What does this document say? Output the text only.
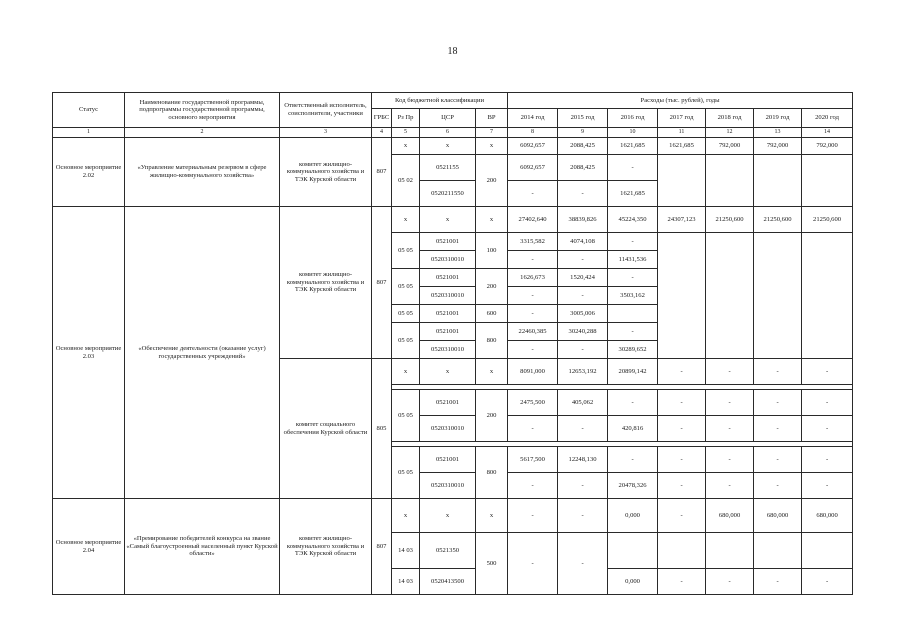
18
Статус	Наименование государственной программы, подпрограммы государственной программы, основного мероприятия	Ответственный исполнитель, соисполнители, участники	Код бюджетной классификации				Расходы (тыс. рублей), годы						
			ГРБС	Рз Пр	ЦСР	ВР	2014 год	2015 год	2016 год	2017 год	2018 год	2019 год	2020 год
1	2	3	4	5	6	7	8	9	10	11	12	13	14
Основное мероприятие 2.02	«Управление материальным резервом в сфере жилищно-коммунального хозяйства»	комитет жилищно-коммунального хозяйства и ТЭК Курской области	807	х	х	х	6092,657	2088,425	1621,685	1621,685	792,000	792,000	792,000
				05 02	0521155	200	6092,657	2088,425	-				
					0520211550		-	-	1621,685				
Основное мероприятие 2.03	«Обеспечение деятельности (оказание услуг) государственных учреждений»	комитет жилищно-коммунального хозяйства и ТЭК Курской области	807	х	х	х	27402,640	38839,826	45224,350	24307,123	21250,600	21250,600	21250,600
				05 05	0521001	100	3315,582	4074,108	-				
					0520310010		-	-	11431,536				
				05 05	0521001	200	1626,673	1520,424	-				
					0520310010		-	-	3503,162				
				05 05	0521001	600	-	3005,006					
				05 05	0521001	800	22460,385	30240,288	-				
					0520310010		-	-	30289,652				
		комитет социального обеспечения Курской области	805	х	х	х	8091,000	12653,192	20899,142	-	-	-	-

				05 05	0521001	200	2475,500	405,062	-	-	-	-	-
					0520310010		-	-	420,816	-	-	-	-

				05 05	0521001	800	5617,500	12248,130	-	-	-	-	-
					0520310010		-	-	20478,326	-	-	-	-
Основное мероприятие 2.04	«Премирование победителей конкурса на звание «Самый благоустроенный населенный пункт Курской области»	комитет жилищно-коммунального хозяйства и ТЭК Курской области	807	х	х	х	-	-	0,000	-	680,000	680,000	680,000
				14 03	0521350	500	-	-					
				14 03	0520413500				0,000	-	-	-	-
